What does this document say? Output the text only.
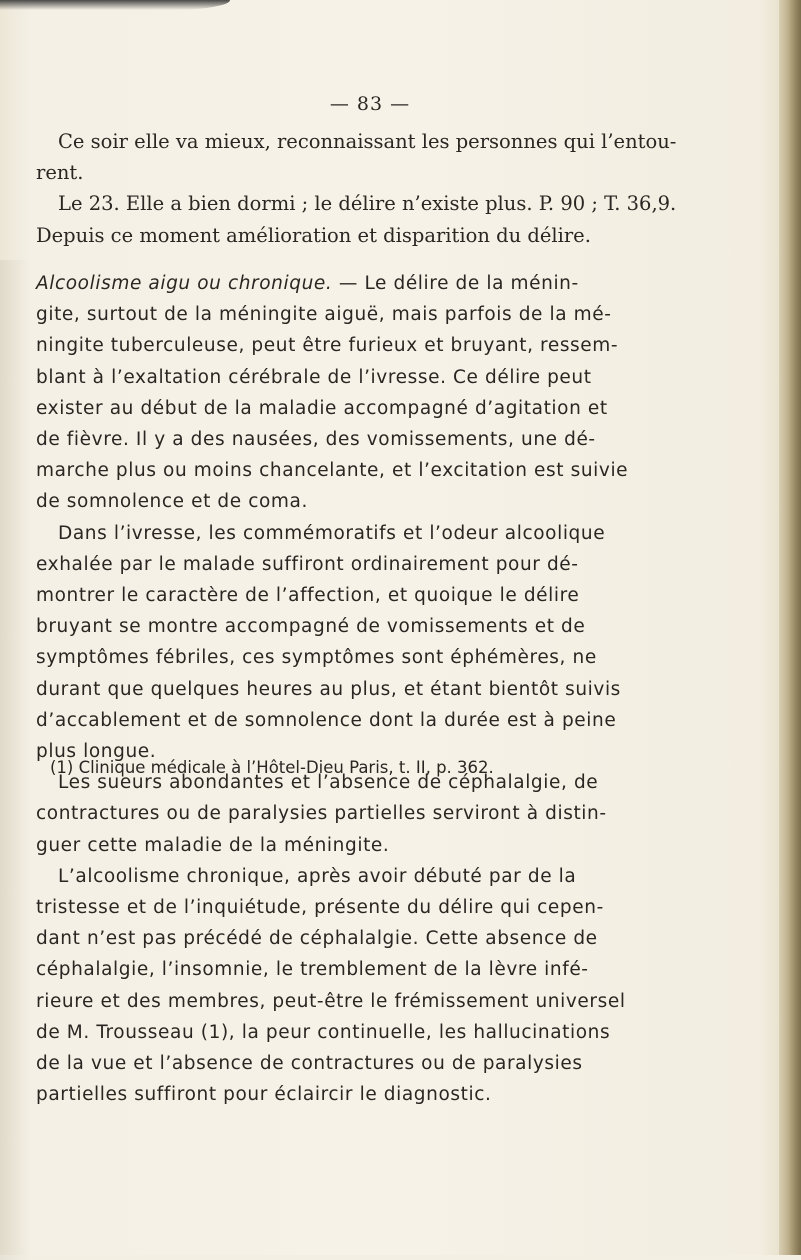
— 83 —
Ce soir elle va mieux, reconnaissant les personnes qui l’entou-
rent.
Le 23. Elle a bien dormi ; le délire n’existe plus. P. 90 ; T. 36,9.
Depuis ce moment amélioration et disparition du délire.
Alcoolisme aigu ou chronique. — Le délire de la ménin-
gite, surtout de la méningite aiguë, mais parfois de la mé-
ningite tuberculeuse, peut être furieux et bruyant, ressem-
blant à l’exaltation cérébrale de l’ivresse. Ce délire peut
exister au début de la maladie accompagné d’agitation et
de fièvre. Il y a des nausées, des vomissements, une dé-
marche plus ou moins chancelante, et l’excitation est suivie
de somnolence et de coma.
Dans l’ivresse, les commémoratifs et l’odeur alcoolique
exhalée par le malade suffiront ordinairement pour dé-
montrer le caractère de l’affection, et quoique le délire
bruyant se montre accompagné de vomissements et de
symptômes fébriles, ces symptômes sont éphémères, ne
durant que quelques heures au plus, et étant bientôt suivis
d’accablement et de somnolence dont la durée est à peine
plus longue.
Les sueurs abondantes et l’absence de céphalalgie, de
contractures ou de paralysies partielles serviront à distin-
guer cette maladie de la méningite.
L’alcoolisme chronique, après avoir débuté par de la
tristesse et de l’inquiétude, présente du délire qui cepen-
dant n’est pas précédé de céphalalgie. Cette absence de
céphalalgie, l’insomnie, le tremblement de la lèvre infé-
rieure et des membres, peut-être le frémissement universel
de M. Trousseau (1), la peur continuelle, les hallucinations
de la vue et l’absence de contractures ou de paralysies
partielles suffiront pour éclaircir le diagnostic.
(1) Clinique médicale à l’Hôtel-Dieu Paris, t. II, p. 362.
